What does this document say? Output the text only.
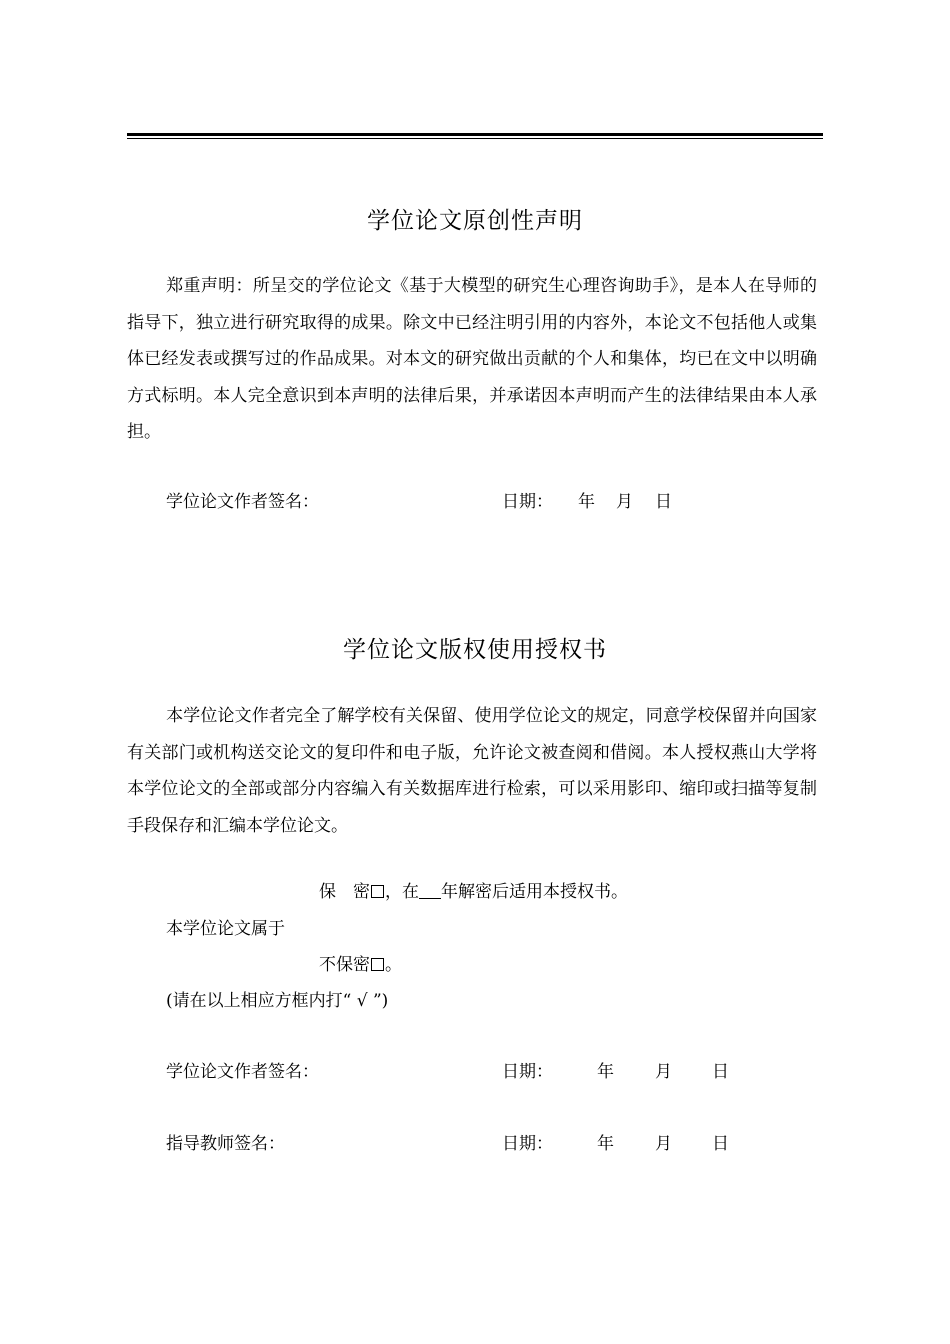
学位论文原创性声明
郑重声明：所呈交的学位论文《基于大模型的研究生心理咨询助手》，是本人在导师的指导下，独立进行研究取得的成果。除文中已经注明引用的内容外，本论文不包括他人或集体已经发表或撰写过的作品成果。对本文的研究做出贡献的个人和集体，均已在文中以明确方式标明。本人完全意识到本声明的法律后果，并承诺因本声明而产生的法律结果由本人承担。
学位论文作者签名：	日期： 年 月 日
学位论文版权使用授权书
本学位论文作者完全了解学校有关保留、使用学位论文的规定，同意学校保留并向国家有关部门或机构送交论文的复印件和电子版，允许论文被查阅和借阅。本人授权燕山大学将本学位论文的全部或部分内容编入有关数据库进行检索，可以采用影印、缩印或扫描等复制手段保存和汇编本学位论文。
保　密 ，在 年解密后适用本授权书。
本学位论文属于
不保密 。
(请在以上相应方框内打“ √ ”)
学位论文作者签名：	日期：	年 月 日
指导教师签名：	日期：	年 月 日
